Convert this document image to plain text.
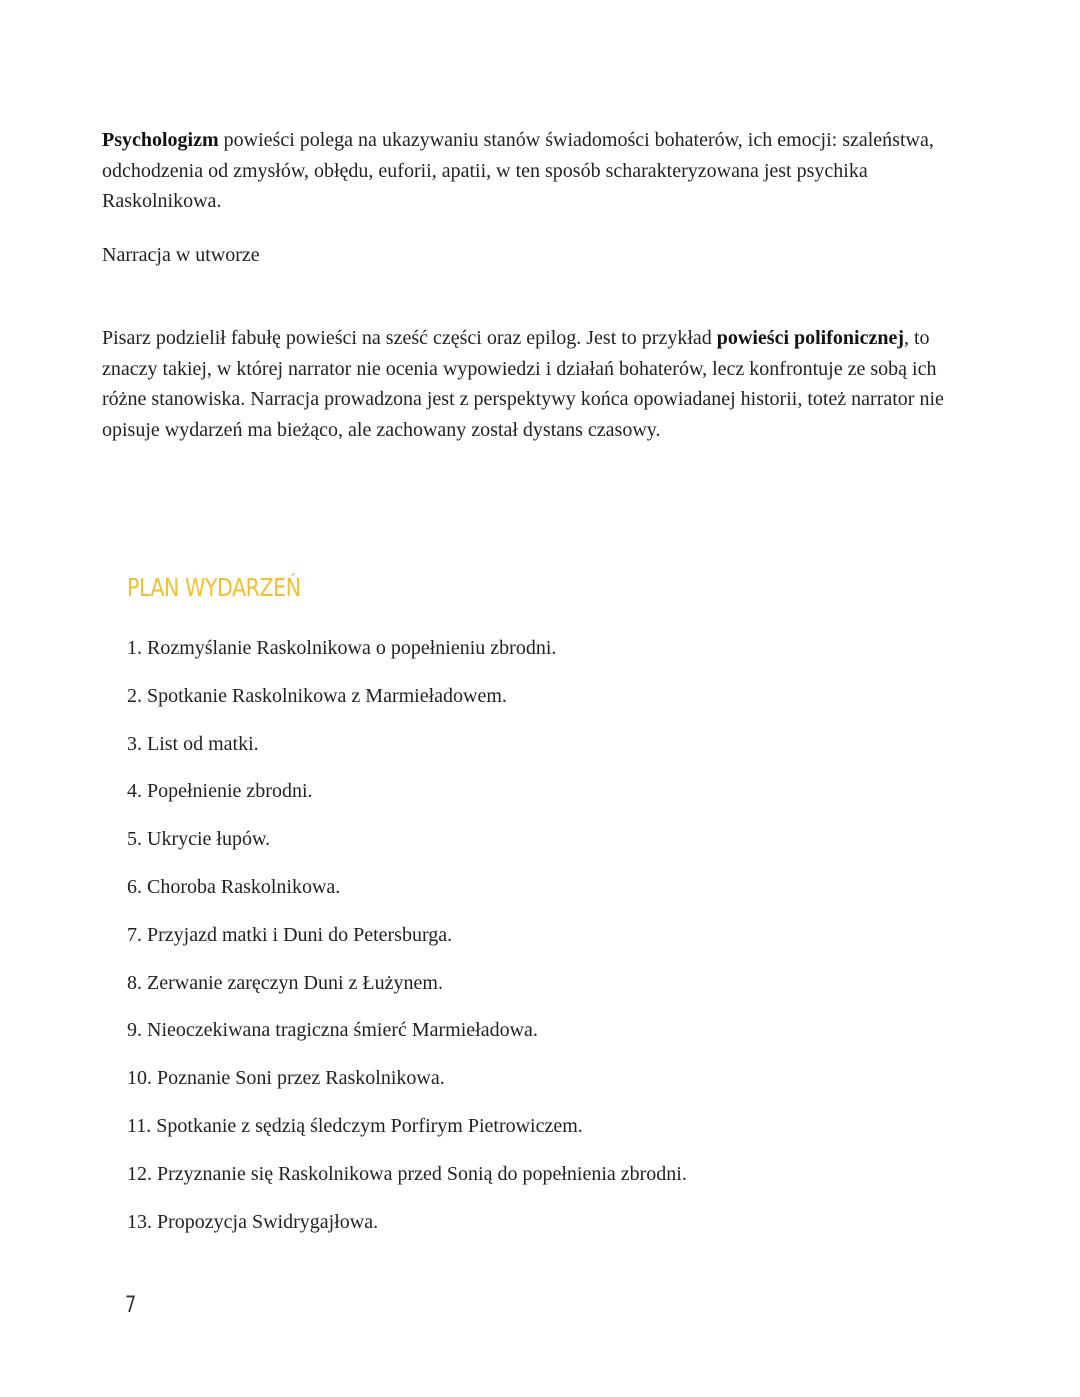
Psychologizm powieści polega na ukazywaniu stanów świadomości bohaterów, ich emocji: szaleństwa, odchodzenia od zmysłów, obłędu, euforii, apatii, w ten sposób scharakteryzowana jest psychika Raskolnikowa.

Narracja w utworze

Pisarz podzielił fabułę powieści na sześć części oraz epilog. Jest to przykład powieści polifonicznej, to znaczy takiej, w której narrator nie ocenia wypowiedzi i działań bohaterów, lecz konfrontuje ze sobą ich różne stanowiska. Narracja prowadzona jest z perspektywy końca opowiadanej historii, toteż narrator nie opisuje wydarzeń ma bieżąco, ale zachowany został dystans czasowy.

PLAN WYDARZEŃ
1. Rozmyślanie Raskolnikowa o popełnieniu zbrodni.
2. Spotkanie Raskolnikowa z Marmieładowem.
3. List od matki.
4. Popełnienie zbrodni.
5. Ukrycie łupów.
6. Choroba Raskolnikowa.
7. Przyjazd matki i Duni do Petersburga.
8. Zerwanie zaręczyn Duni z Łużynem.
9. Nieoczekiwana tragiczna śmierć Marmieładowa.
10. Poznanie Soni przez Raskolnikowa.
11. Spotkanie z sędzią śledczym Porfirym Pietrowiczem.
12. Przyznanie się Raskolnikowa przed Sonią do popełnienia zbrodni.
13. Propozycja Swidrygajłowa.
7
